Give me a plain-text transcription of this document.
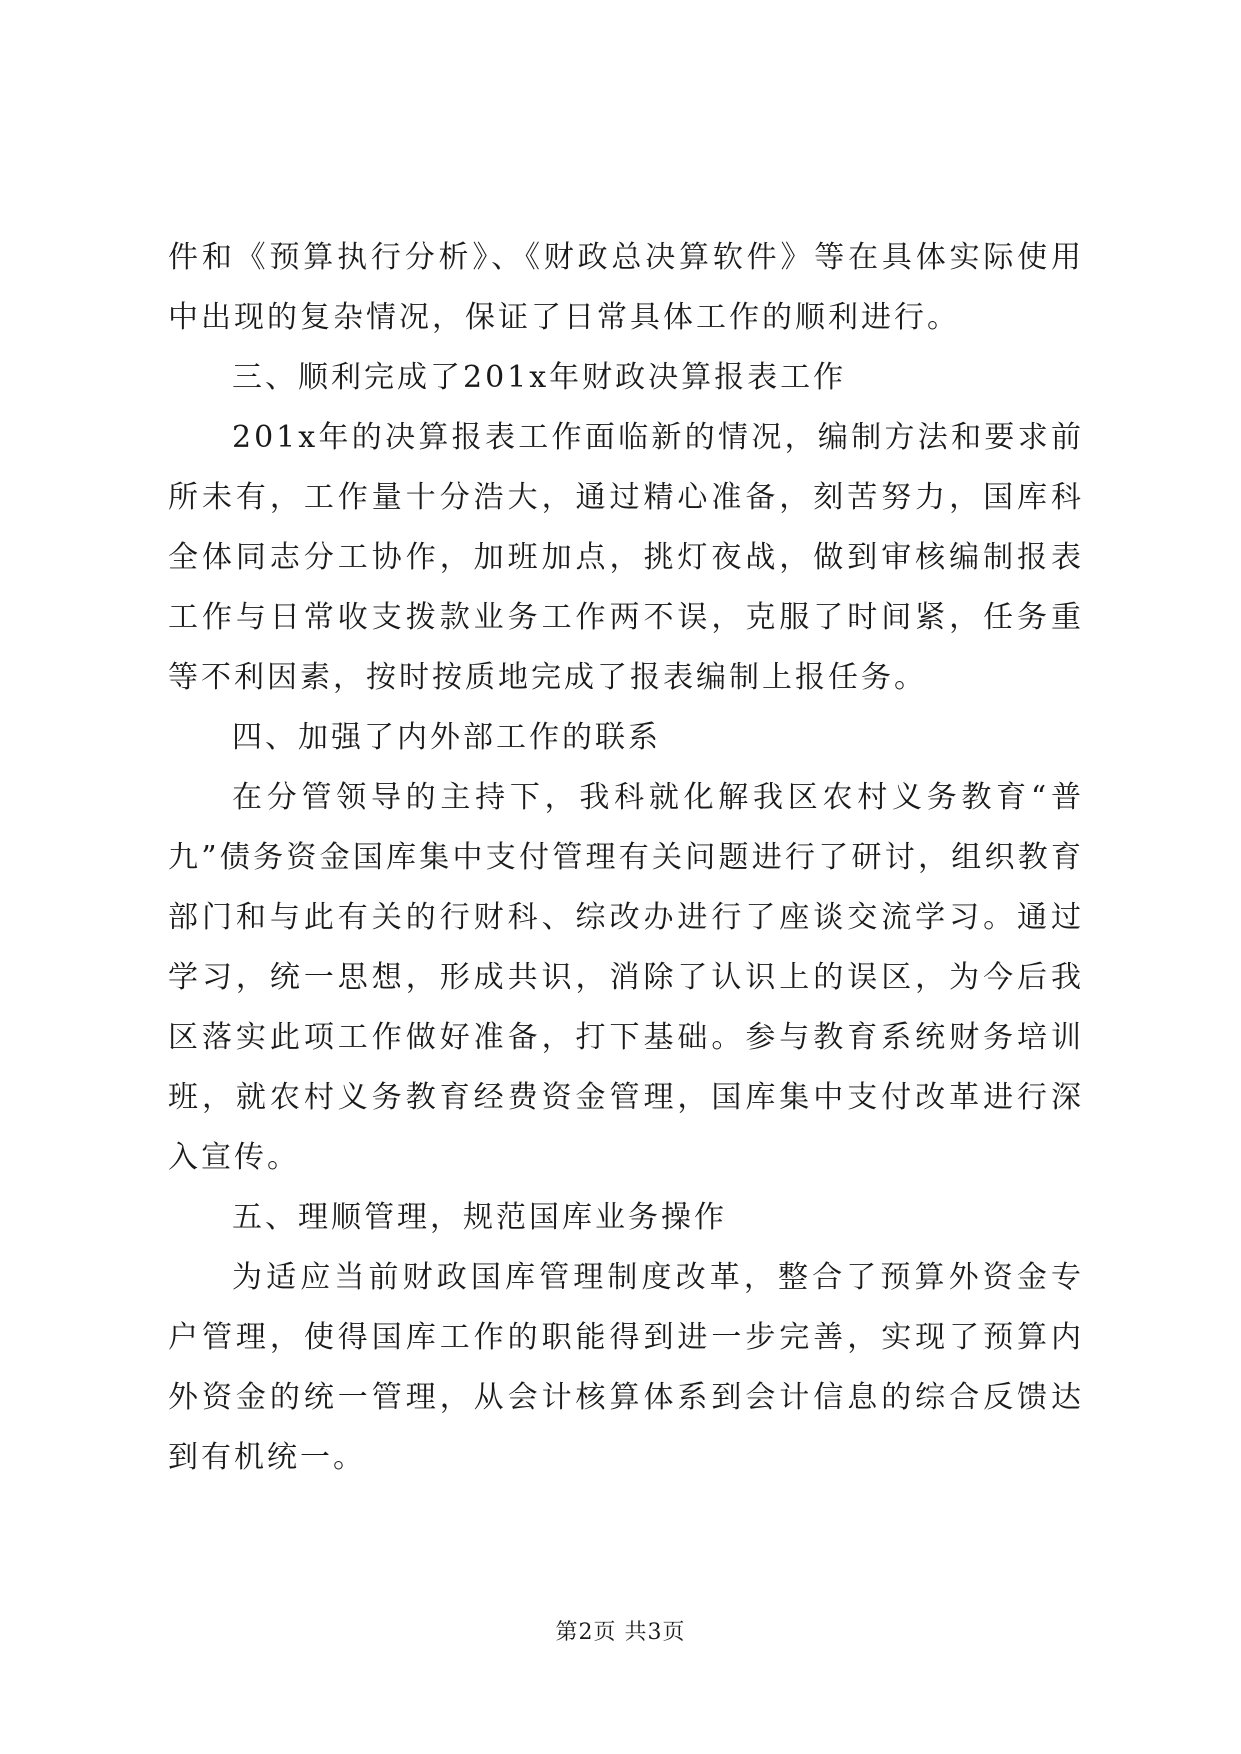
件和《预算执行分析》、《财政总决算软件》等在具体实际使用中出现的复杂情况，保证了日常具体工作的顺利进行。

三、顺利完成了201x年财政决算报表工作

201x年的决算报表工作面临新的情况，编制方法和要求前所未有，工作量十分浩大，通过精心准备，刻苦努力，国库科全体同志分工协作，加班加点，挑灯夜战，做到审核编制报表工作与日常收支拨款业务工作两不误，克服了时间紧，任务重等不利因素，按时按质地完成了报表编制上报任务。

四、加强了内外部工作的联系

在分管领导的主持下，我科就化解我区农村义务教育“普九”债务资金国库集中支付管理有关问题进行了研讨，组织教育部门和与此有关的行财科、综改办进行了座谈交流学习。通过学习，统一思想，形成共识，消除了认识上的误区，为今后我区落实此项工作做好准备，打下基础。参与教育系统财务培训班，就农村义务教育经费资金管理，国库集中支付改革进行深入宣传。

五、理顺管理，规范国库业务操作

为适应当前财政国库管理制度改革，整合了预算外资金专户管理，使得国库工作的职能得到进一步完善，实现了预算内外资金的统一管理，从会计核算体系到会计信息的综合反馈达到有机统一。

第2页 共3页
